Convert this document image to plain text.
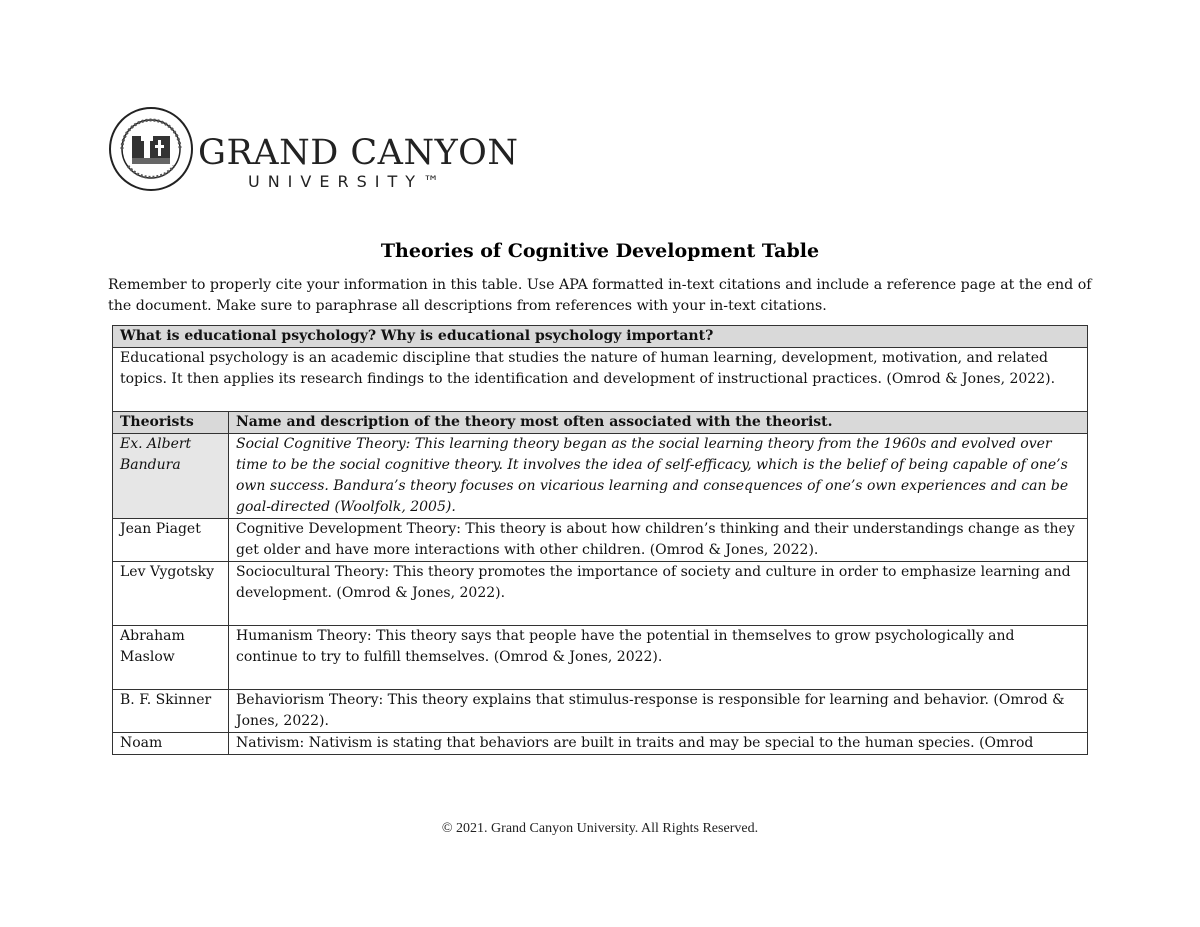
GRAND CANYON
UNIVERSITY™
Theories of Cognitive Development Table
Remember to properly cite your information in this table. Use APA formatted in-text citations and include a reference page at the end of the document. Make sure to paraphrase all descriptions from references with your in-text citations.
What is educational psychology? Why is educational psychology important?	
Educational psychology is an academic discipline that studies the nature of human learning, development, motivation, and related topics. It then applies its research findings to the identification and development of instructional practices. (Omrod & Jones, 2022).	
Theorists	Name and description of the theory most often associated with the theorist.
Ex. Albert Bandura	Social Cognitive Theory: This learning theory began as the social learning theory from the 1960s and evolved over time to be the social cognitive theory. It involves the idea of self-efficacy, which is the belief of being capable of one’s own success. Bandura’s theory focuses on vicarious learning and consequences of one’s own experiences and can be goal-directed (Woolfolk, 2005).
Jean Piaget	Cognitive Development Theory: This theory is about how children’s thinking and their understandings change as they get older and have more interactions with other children. (Omrod & Jones, 2022).
Lev Vygotsky	Sociocultural Theory: This theory promotes the importance of society and culture in order to emphasize learning and development. (Omrod & Jones, 2022).
Abraham Maslow	Humanism Theory: This theory says that people have the potential in themselves to grow psychologically and continue to try to fulfill themselves. (Omrod & Jones, 2022).
B. F. Skinner	Behaviorism Theory: This theory explains that stimulus-response is responsible for learning and behavior. (Omrod & Jones, 2022).
Noam	Nativism: Nativism is stating that behaviors are built in traits and may be special to the human species. (Omrod
© 2021. Grand Canyon University. All Rights Reserved.
